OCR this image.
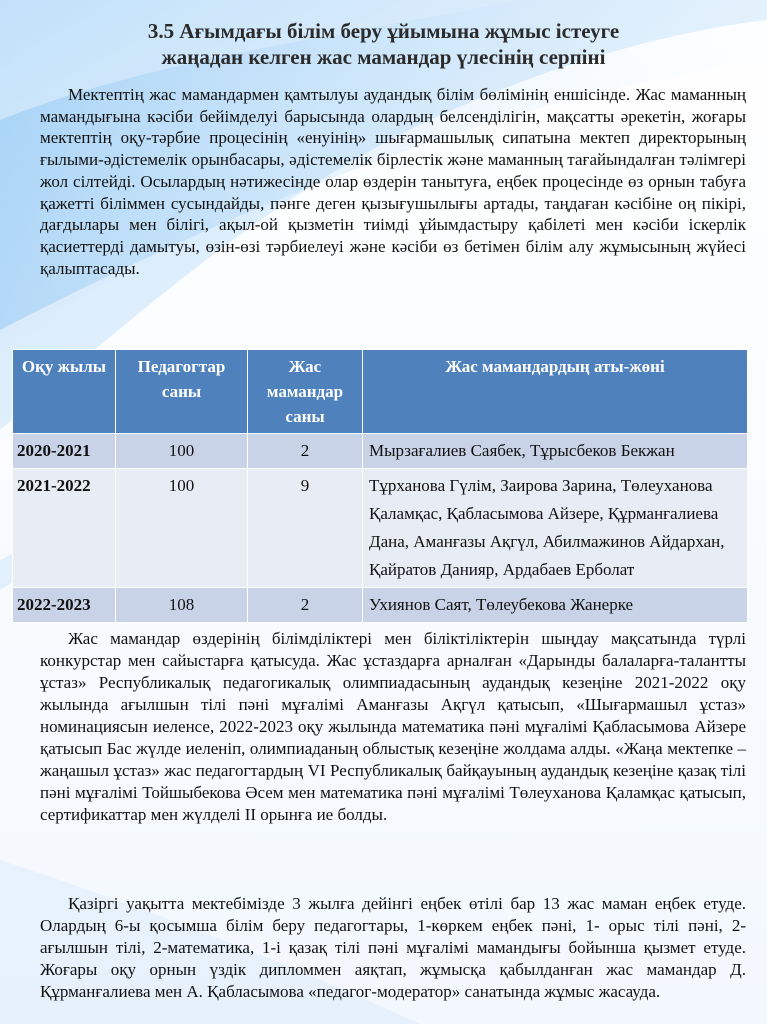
3.5 Ағымдағы білім беру ұйымына жұмыс істеуге
жаңадан келген жас мамандар үлесінің серпіні
Мектептің жас мамандармен қамтылуы аудандық білім бөлімінің еншісінде. Жас маманның мамандығына кәсіби бейімделуі барысында олардың белсенділігін, мақсатты әрекетін, жоғары мектептің оқу-тәрбие процесінің «енуінің» шығармашылық сипатына мектеп директорының ғылыми-әдістемелік орынбасары, әдістемелік бірлестік және маманның тағайындалған тәлімгері жол сілтейді. Осылардың нәтижесінде олар өздерін танытуға, еңбек процесінде өз орнын табуға қажетті біліммен сусындайды, пәнге деген қызығушылығы артады, таңдаған кәсібіне оң пікірі, дағдылары мен білігі, ақыл-ой қызметін тиімді ұйымдастыру қабілеті мен кәсіби іскерлік қасиеттерді дамытуы, өзін-өзі тәрбиелеуі және кәсіби өз бетімен білім алу жұмысының жүйесі қалыптасады.
Оқу жылы	Педагогтар саны	Жас мамандар саны	Жас мамандардың аты-жөні
2020-2021	100	2	Мырзағалиев Саябек, Тұрысбеков Бекжан
2021-2022	100	9	Тұрханова Гүлім, Заирова Зарина, Төлеуханова Қаламқас, Қабласымова Айзере, Құрманғалиева Дана, Аманғазы Ақгүл, Абилмажинов Айдархан, Қайратов Данияр, Ардабаев Ерболат
2022-2023	108	2	Ухиянов Саят, Төлеубекова Жанерке
Жас мамандар өздерінің білімділіктері мен біліктіліктерін шыңдау мақсатында түрлі конкурстар мен сайыстарға қатысуда. Жас ұстаздарға арналған «Дарынды балаларға-талантты ұстаз» Республикалық педагогикалық олимпиадасының аудандық кезеңіне 2021-2022 оқу жылында ағылшын тілі пәні мұғалімі Аманғазы Ақгүл қатысып, «Шығармашыл ұстаз» номинациясын иеленсе, 2022-2023 оқу жылында математика пәні мұғалімі Қабласымова Айзере қатысып Бас жүлде иеленіп, олимпиаданың облыстық кезеңіне жолдама алды. «Жаңа мектепке –жаңашыл ұстаз» жас педагогтардың VI Республикалық байқауының аудандық кезеңіне қазақ тілі пәні мұғалімі Тойшыбекова Әсем мен математика пәні мұғалімі Төлеуханова Қаламқас қатысып, сертификаттар мен жүлделі II орынға ие болды.
Қазіргі уақытта мектебімізде 3 жылға дейінгі еңбек өтілі бар 13 жас маман еңбек етуде. Олардың 6-ы қосымша білім беру педагогтары, 1-көркем еңбек пәні, 1- орыс тілі пәні, 2-ағылшын тілі, 2-математика, 1-і қазақ тілі пәні мұғалімі мамандығы бойынша қызмет етуде. Жоғары оқу орнын үздік дипломмен аяқтап, жұмысқа қабылданған жас мамандар Д. Құрманғалиева мен А. Қабласымова «педагог-модератор» санатында жұмыс жасауда.
